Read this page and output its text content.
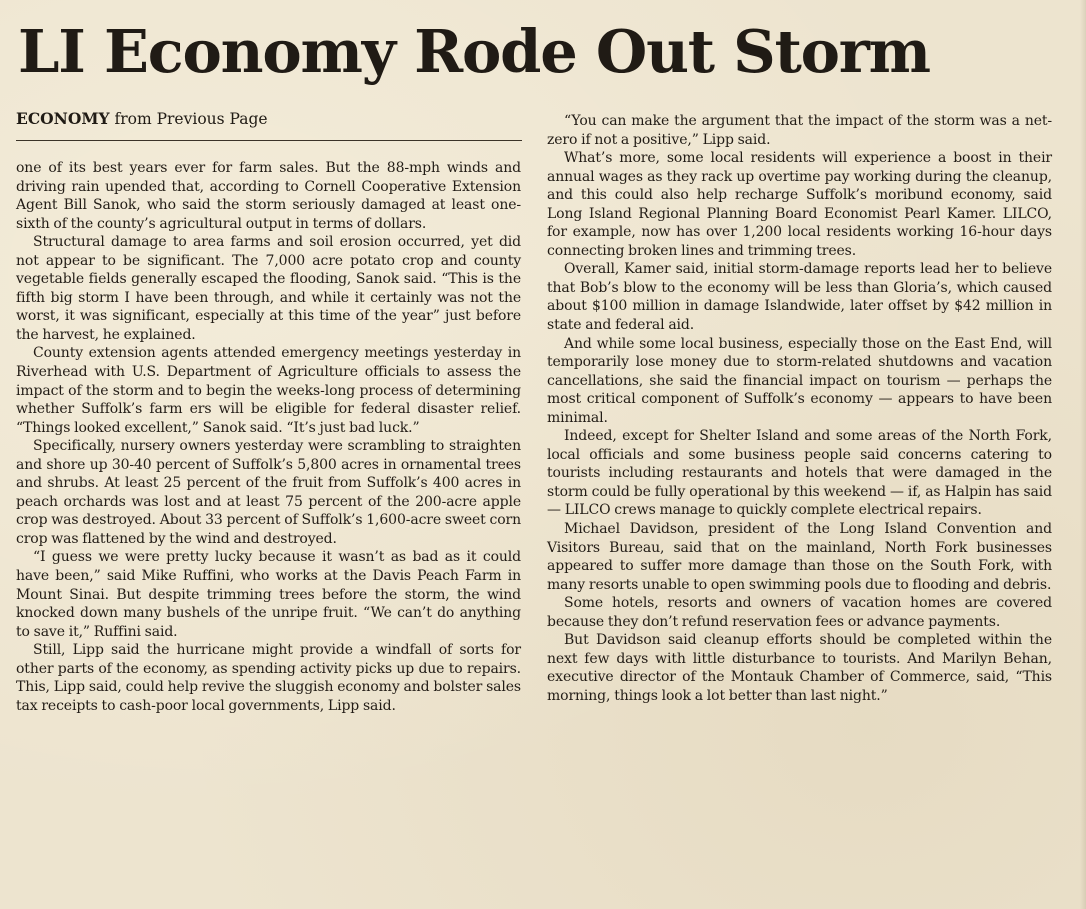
LI Economy Rode Out Storm
ECONOMY from Previous Page

one of its best years ever for farm sales. But the 88-mph winds and driving rain upended that, according to Cornell Cooperative Extension Agent Bill Sanok, who said the storm seriously damaged at least one-sixth of the county’s agricultural output in terms of dollars.

Structural damage to area farms and soil erosion occurred, yet did not appear to be significant. The 7,000 acre potato crop and county vegetable fields generally escaped the flooding, Sanok said. “This is the fifth big storm I have been through, and while it certainly was not the worst, it was significant, especially at this time of the year” just before the harvest, he explained.

County extension agents attended emergency meetings yesterday in Riverhead with U.S. Department of Agriculture officials to assess the impact of the storm and to begin the weeks-long process of determining whether Suffolk’s farm ers will be eligible for federal disaster relief. “Things looked excellent,” Sanok said. “It’s just bad luck.”

Specifically, nursery owners yesterday were scrambling to straighten and shore up 30-40 percent of Suffolk’s 5,800 acres in ornamental trees and shrubs. At least 25 percent of the fruit from Suffolk’s 400 acres in peach orchards was lost and at least 75 percent of the 200-acre apple crop was destroyed. About 33 percent of Suffolk’s 1,600-acre sweet corn crop was flattened by the wind and destroyed.

“I guess we were pretty lucky because it wasn’t as bad as it could have been,” said Mike Ruffini, who works at the Davis Peach Farm in Mount Sinai. But despite trimming trees before the storm, the wind knocked down many bushels of the unripe fruit. “We can’t do anything to save it,” Ruffini said.

Still, Lipp said the hurricane might provide a windfall of sorts for other parts of the economy, as spending activity picks up due to repairs. This, Lipp said, could help revive the sluggish economy and bolster sales tax receipts to cash-poor local governments, Lipp said.

“You can make the argument that the impact of the storm was a net-zero if not a positive,” Lipp said.

What’s more, some local residents will experience a boost in their annual wages as they rack up overtime pay working during the cleanup, and this could also help recharge Suffolk’s moribund economy, said Long Island Regional Planning Board Economist Pearl Kamer. LILCO, for example, now has over 1,200 local residents working 16-hour days connecting broken lines and trimming trees.

Overall, Kamer said, initial storm-damage reports lead her to believe that Bob’s blow to the economy will be less than Gloria’s, which caused about $100 million in damage Islandwide, later offset by $42 million in state and federal aid.

And while some local business, especially those on the East End, will temporarily lose money due to storm-related shutdowns and vacation cancellations, she said the financial impact on tourism — perhaps the most critical component of Suffolk’s economy — appears to have been minimal.

Indeed, except for Shelter Island and some areas of the North Fork, local officials and some business people said concerns catering to tourists including restaurants and hotels that were damaged in the storm could be fully operational by this weekend — if, as Halpin has said — LILCO crews manage to quickly complete electrical repairs.

Michael Davidson, president of the Long Island Convention and Visitors Bureau, said that on the mainland, North Fork businesses appeared to suffer more damage than those on the South Fork, with many resorts unable to open swimming pools due to flooding and debris.

Some hotels, resorts and owners of vacation homes are covered because they don’t refund reservation fees or advance payments.

But Davidson said cleanup efforts should be completed within the next few days with little disturbance to tourists. And Marilyn Behan, executive director of the Montauk Chamber of Commerce, said, “This morning, things look a lot better than last night.”
